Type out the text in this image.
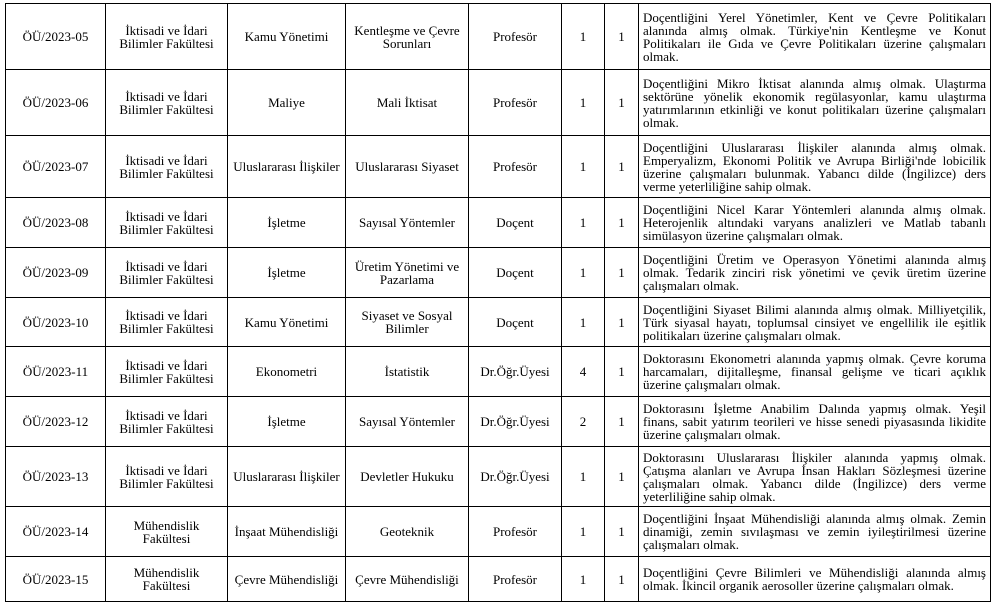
ÖÜ/2023-05	İktisadi ve İdari Bilimler Fakültesi	Kamu Yönetimi	Kentleşme ve Çevre Sorunları	Profesör	1	1	Doçentliğini Yerel Yönetimler, Kent ve Çevre Politikaları alanında almış olmak. Türkiye'nin Kentleşme ve Konut Politikaları ile Gıda ve Çevre Politikaları üzerine çalışmaları olmak.
ÖÜ/2023-06	İktisadi ve İdari Bilimler Fakültesi	Maliye	Mali İktisat	Profesör	1	1	Doçentliğini Mikro İktisat alanında almış olmak. Ulaştırma sektörüne yönelik ekonomik regülasyonlar, kamu ulaştırma yatırımlarının etkinliği ve konut politikaları üzerine çalışmaları olmak.
ÖÜ/2023-07	İktisadi ve İdari Bilimler Fakültesi	Uluslararası İlişkiler	Uluslararası Siyaset	Profesör	1	1	Doçentliğini Uluslararası İlişkiler alanında almış olmak. Emperyalizm, Ekonomi Politik ve Avrupa Birliği'nde lobicilik üzerine çalışmaları bulunmak. Yabancı dilde (İngilizce) ders verme yeterliliğine sahip olmak.
ÖÜ/2023-08	İktisadi ve İdari Bilimler Fakültesi	İşletme	Sayısal Yöntemler	Doçent	1	1	Doçentliğini Nicel Karar Yöntemleri alanında almış olmak. Heterojenlik altındaki varyans analizleri ve Matlab tabanlı simülasyon üzerine çalışmaları olmak.
ÖÜ/2023-09	İktisadi ve İdari Bilimler Fakültesi	İşletme	Üretim Yönetimi ve Pazarlama	Doçent	1	1	Doçentliğini Üretim ve Operasyon Yönetimi alanında almış olmak. Tedarik zinciri risk yönetimi ve çevik üretim üzerine çalışmaları olmak.
ÖÜ/2023-10	İktisadi ve İdari Bilimler Fakültesi	Kamu Yönetimi	Siyaset ve Sosyal Bilimler	Doçent	1	1	Doçentliğini Siyaset Bilimi alanında almış olmak. Milliyetçilik, Türk siyasal hayatı, toplumsal cinsiyet ve engellilik ile eşitlik politikaları üzerine çalışmaları olmak.
ÖÜ/2023-11	İktisadi ve İdari Bilimler Fakültesi	Ekonometri	İstatistik	Dr.Öğr.Üyesi	4	1	Doktorasını Ekonometri alanında yapmış olmak. Çevre koruma harcamaları, dijitalleşme, finansal gelişme ve ticari açıklık üzerine çalışmaları olmak.
ÖÜ/2023-12	İktisadi ve İdari Bilimler Fakültesi	İşletme	Sayısal Yöntemler	Dr.Öğr.Üyesi	2	1	Doktorasını İşletme Anabilim Dalında yapmış olmak. Yeşil finans, sabit yatırım teorileri ve hisse senedi piyasasında likidite üzerine çalışmaları olmak.
ÖÜ/2023-13	İktisadi ve İdari Bilimler Fakültesi	Uluslararası İlişkiler	Devletler Hukuku	Dr.Öğr.Üyesi	1	1	Doktorasını Uluslararası İlişkiler alanında yapmış olmak. Çatışma alanları ve Avrupa İnsan Hakları Sözleşmesi üzerine çalışmaları olmak. Yabancı dilde (İngilizce) ders verme yeterliliğine sahip olmak.
ÖÜ/2023-14	Mühendislik Fakültesi	İnşaat Mühendisliği	Geoteknik	Profesör	1	1	Doçentliğini İnşaat Mühendisliği alanında almış olmak. Zemin dinamiği, zemin sıvılaşması ve zemin iyileştirilmesi üzerine çalışmaları olmak.
ÖÜ/2023-15	Mühendislik Fakültesi	Çevre Mühendisliği	Çevre Mühendisliği	Profesör	1	1	Doçentliğini Çevre Bilimleri ve Mühendisliği alanında almış olmak. İkincil organik aerosoller üzerine çalışmaları olmak.
